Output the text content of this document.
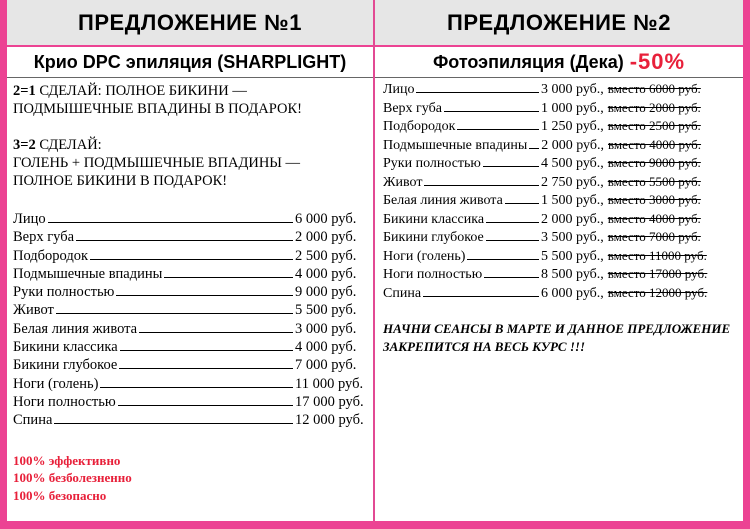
ПРЕДЛОЖЕНИЕ №1
Крио DPC эпиляция (SHARPLIGHT)
2=1 СДЕЛАЙ: ПОЛНОЕ БИКИНИ —
ПОДМЫШЕЧНЫЕ ВПАДИНЫ В ПОДАРОК!
3=2 СДЕЛАЙ:
ГОЛЕНЬ + ПОДМЫШЕЧНЫЕ ВПАДИНЫ —
ПОЛНОЕ БИКИНИ В ПОДАРОК!
Лицо	6 000 руб.
Верх губа	2 000 руб.
Подбородок	2 500 руб.
Подмышечные впадины	4 000 руб.
Руки полностью	9 000 руб.
Живот	5 500 руб.
Белая линия живота	3 000 руб.
Бикини классика	4 000 руб.
Бикини глубокое	7 000 руб.
Ноги (голень)	11 000 руб.
Ноги полностью	17 000 руб.
Спина	12 000 руб.
100% эффективно
100% безболезненно
100% безопасно
ПРЕДЛОЖЕНИЕ №2
Фотоэпиляция (Дека) -50%
Лицо	3 000 руб., вместо 6000 руб.
Верх губа	1 000 руб., вместо 2000 руб.
Подбородок	1 250 руб., вместо 2500 руб.
Подмышечные впадины 2 000 руб., вместо 4000 руб.
Руки полностью	4 500 руб., вместо 9000 руб.
Живот	2 750 руб., вместо 5500 руб.
Белая линия живота	1 500 руб., вместо 3000 руб.
Бикини классика	2 000 руб., вместо 4000 руб.
Бикини глубокое	3 500 руб., вместо 7000 руб.
Ноги (голень)	5 500 руб., вместо 11000 руб.
Ноги полностью	8 500 руб., вместо 17000 руб.
Спина	6 000 руб., вместо 12000 руб.
НАЧНИ СЕАНСЫ В МАРТЕ И ДАННОЕ ПРЕДЛОЖЕНИЕ ЗАКРЕПИТСЯ НА ВЕСЬ КУРС !!!
